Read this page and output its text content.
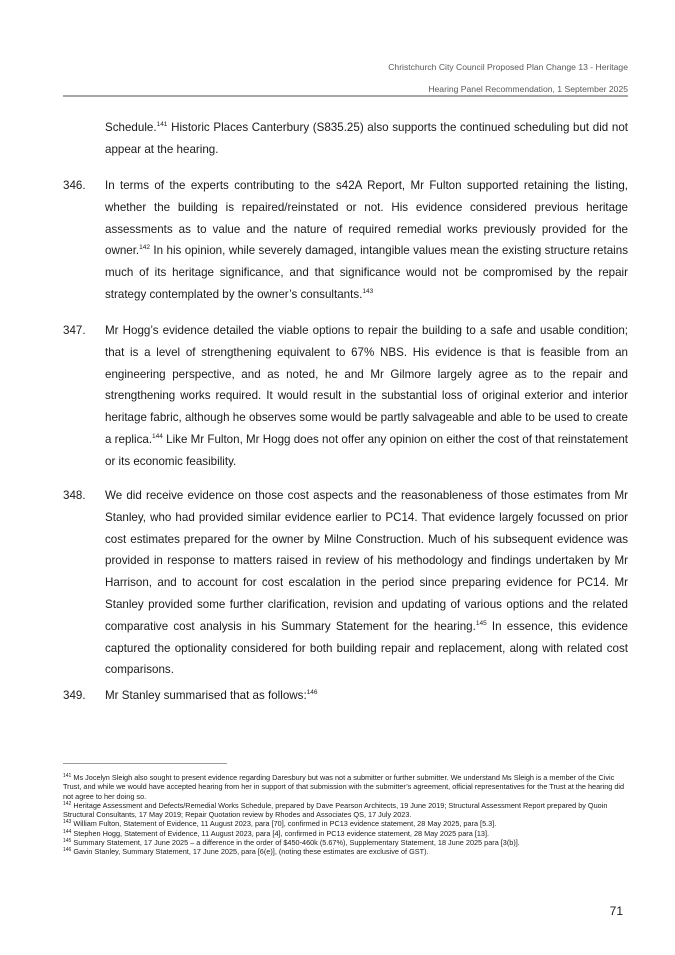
Christchurch City Council Proposed Plan Change 13 - Heritage
Hearing Panel Recommendation, 1 September 2025

Schedule.$^{141}$ Historic Places Canterbury (S835.25) also supports the continued scheduling but did not appear at the hearing.

346. In terms of the experts contributing to the s42A Report, Mr Fulton supported retaining the listing, whether the building is repaired/reinstated or not. His evidence considered previous heritage assessments as to value and the nature of required remedial works previously provided for the owner.$^{142}$ In his opinion, while severely damaged, intangible values mean the existing structure retains much of its heritage significance, and that significance would not be compromised by the repair strategy contemplated by the owner’s consultants.$^{143}$

347. Mr Hogg’s evidence detailed the viable options to repair the building to a safe and usable condition; that is a level of strengthening equivalent to 67% NBS. His evidence is that is feasible from an engineering perspective, and as noted, he and Mr Gilmore largely agree as to the repair and strengthening works required. It would result in the substantial loss of original exterior and interior heritage fabric, although he observes some would be partly salvageable and able to be used to create a replica.$^{144}$ Like Mr Fulton, Mr Hogg does not offer any opinion on either the cost of that reinstatement or its economic feasibility.

348. We did receive evidence on those cost aspects and the reasonableness of those estimates from Mr Stanley, who had provided similar evidence earlier to PC14. That evidence largely focussed on prior cost estimates prepared for the owner by Milne Construction. Much of his subsequent evidence was provided in response to matters raised in review of his methodology and findings undertaken by Mr Harrison, and to account for cost escalation in the period since preparing evidence for PC14. Mr Stanley provided some further clarification, revision and updating of various options and the related comparative cost analysis in his Summary Statement for the hearing.$^{145}$ In essence, this evidence captured the optionality considered for both building repair and replacement, along with related cost comparisons.

349. Mr Stanley summarised that as follows:$^{146}$

$^{141}$ Ms Jocelyn Sleigh also sought to present evidence regarding Daresbury but was not a submitter or further submitter. We understand Ms Sleigh is a member of the Civic Trust, and while we would have accepted hearing from her in support of that submission with the submitter’s agreement, official representatives for the Trust at the hearing did not agree to her doing so.

$^{142}$ Heritage Assessment and Defects/Remedial Works Schedule, prepared by Dave Pearson Architects, 19 June 2019; Structural Assessment Report prepared by Quoin Structural Consultants, 17 May 2019; Repair Quotation review by Rhodes and Associates QS, 17 July 2023.

$^{143}$ William Fulton, Statement of Evidence, 11 August 2023, para [70], confirmed in PC13 evidence statement, 28 May 2025, para [5.3].

$^{144}$ Stephen Hogg, Statement of Evidence, 11 August 2023, para [4], confirmed in PC13 evidence statement, 28 May 2025 para [13].

$^{145}$ Summary Statement, 17 June 2025 – a difference in the order of $450-460k (5.67%), Supplementary Statement, 18 June 2025 para [3(b)].

$^{146}$ Gavin Stanley, Summary Statement, 17 June 2025, para [6(e)], (noting these estimates are exclusive of GST).

71
